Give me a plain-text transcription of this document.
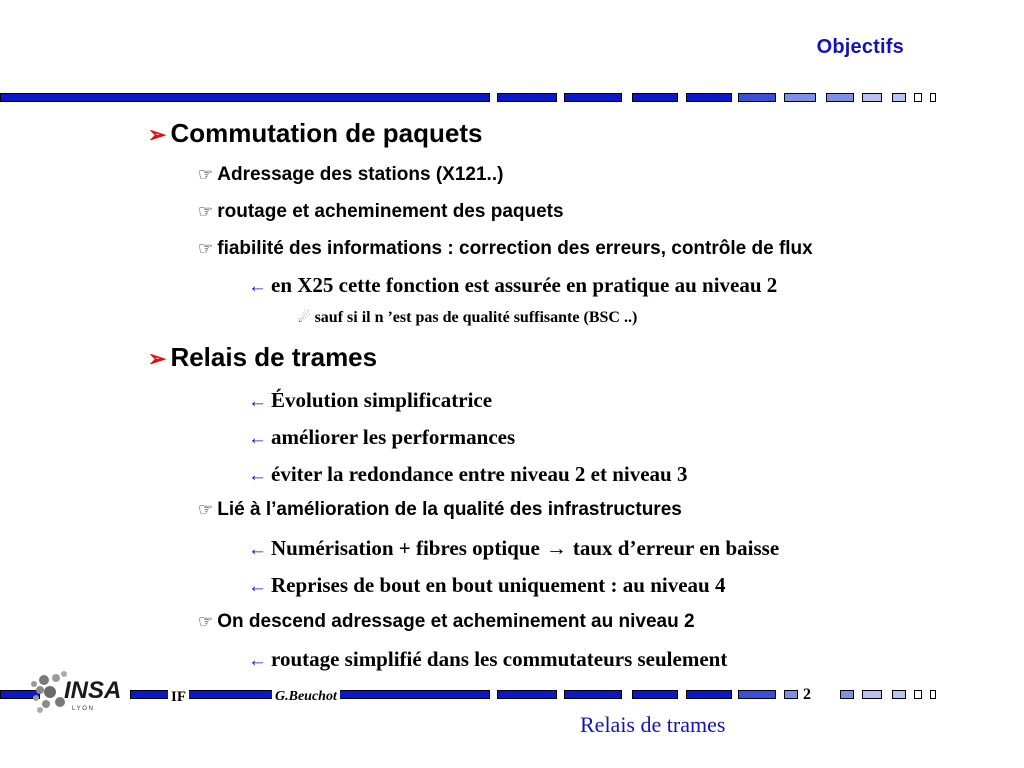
Objectifs
➢ Commutation de paquets
☞ Adressage des stations (X121..)
☞ routage et acheminement des paquets
☞ fiabilité des informations : correction des erreurs, contrôle de flux
← en X25 cette fonction est assurée en pratique au niveau 2
☄ sauf si il n ’est pas de qualité suffisante (BSC ..)
➢ Relais de trames
← Évolution simplificatrice
← améliorer les performances
← éviter la redondance entre niveau 2 et niveau 3
☞ Lié à l’amélioration de la qualité des infrastructures
← Numérisation + fibres optique → taux d’erreur en baisse
← Reprises de bout en bout uniquement : au niveau 4
☞ On descend adressage et acheminement au niveau 2
← routage simplifié dans les commutateurs seulement
INSA
L Y O N
IF	G.Beuchot	2
Relais de trames
